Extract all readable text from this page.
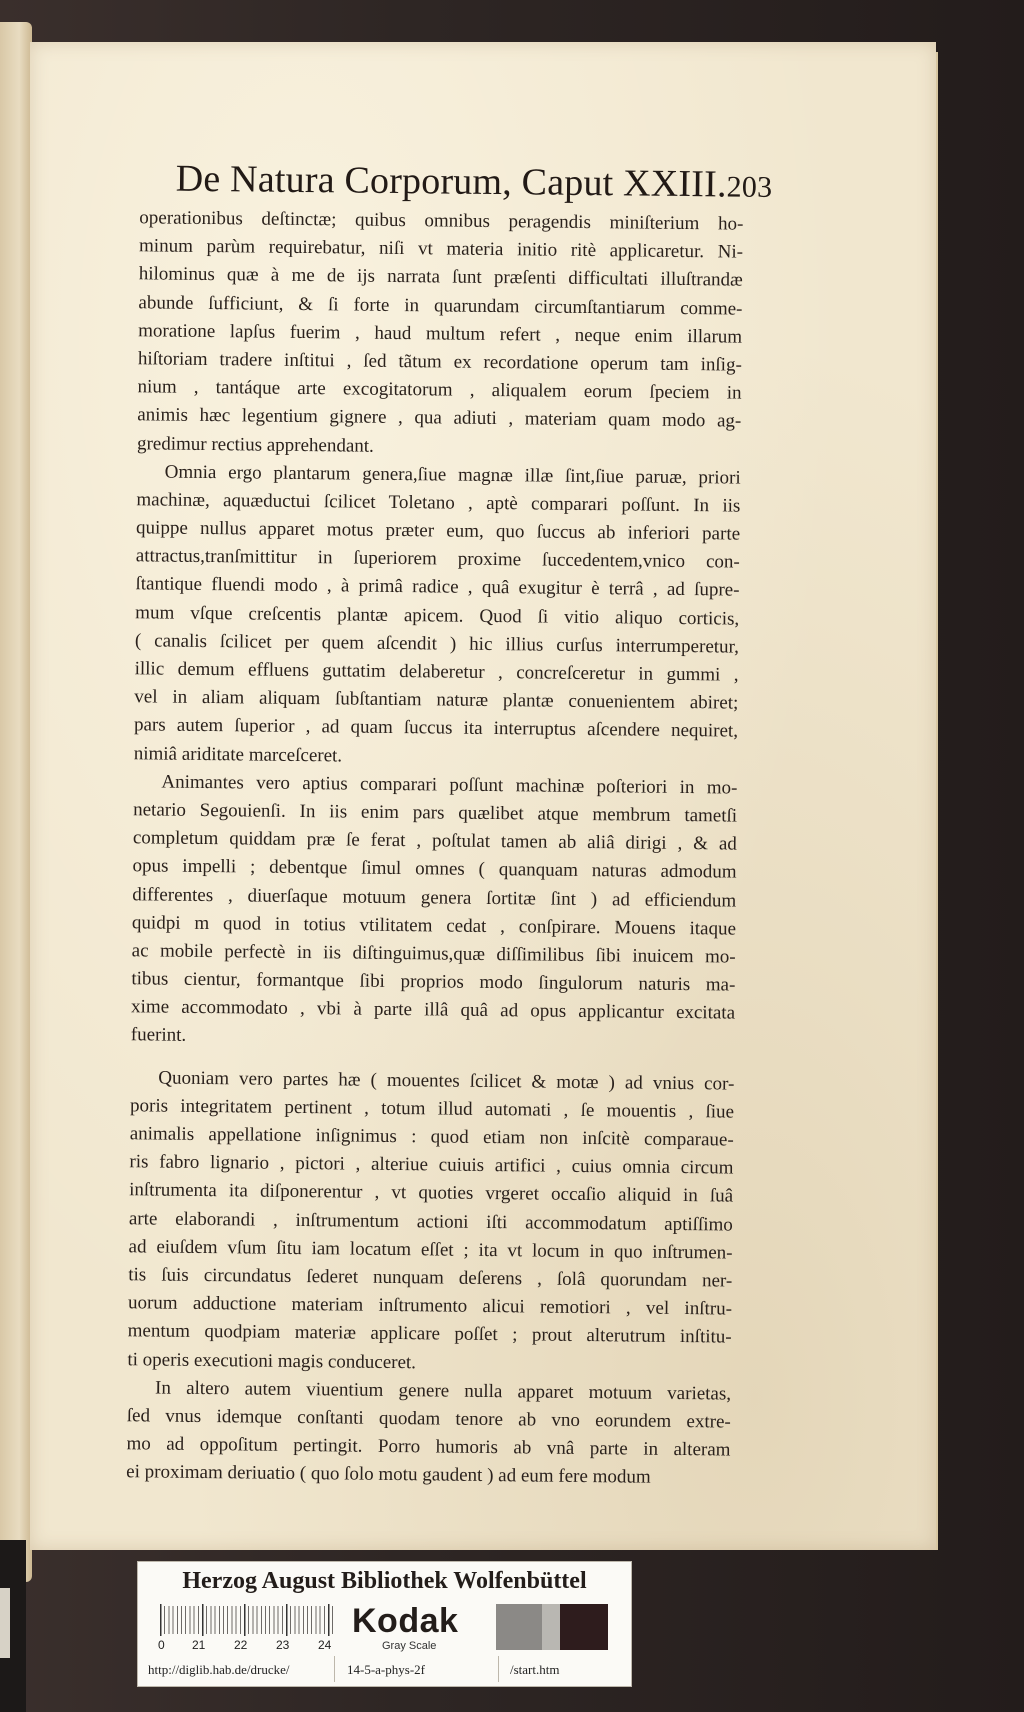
De Natura Corporum, Caput XXIII. 203
operationibus deſtinctæ; quibus omnibus peragendis miniſterium ho-
minum parùm requirebatur, niſi vt materia initio ritè applicaretur. Ni-
hilominus quæ à me de ijs narrata ſunt præſenti difficultati illuſtrandæ
abunde ſufficiunt, & ſi forte in quarundam circumſtantiarum comme-
moratione lapſus fuerim , haud multum refert , neque enim illarum
hiſtoriam tradere inſtitui , ſed tãtum ex recordatione operum tam inſig-
nium , tantáque arte excogitatorum , aliqualem eorum ſpeciem in
animis hæc legentium gignere , qua adiuti , materiam quam modo ag-
gredimur rectius apprehendant.
Omnia ergo plantarum genera,ſiue magnæ illæ ſint,ſiue paruæ, priori
machinæ, aquæductui ſcilicet Toletano , aptè comparari poſſunt. In iis
quippe nullus apparet motus præter eum, quo ſuccus ab inferiori parte
attractus,tranſmittitur in ſuperiorem proxime ſuccedentem,vnico con-
ſtantique fluendi modo , à primâ radice , quâ exugitur è terrâ , ad ſupre-
mum vſque creſcentis plantæ apicem. Quod ſi vitio aliquo corticis,
( canalis ſcilicet per quem aſcendit ) hic illius curſus interrumperetur,
illic demum effluens guttatim delaberetur , concreſceretur in gummi ,
vel in aliam aliquam ſubſtantiam naturæ plantæ conuenientem abiret;
pars autem ſuperior , ad quam ſuccus ita interruptus aſcendere nequiret,
nimiâ ariditate marceſceret.
Animantes vero aptius comparari poſſunt machinæ poſteriori in mo-
netario Segouienſi. In iis enim pars quælibet atque membrum tametſi
completum quiddam præ ſe ferat , poſtulat tamen ab aliâ dirigi , & ad
opus impelli ; debentque ſimul omnes ( quanquam naturas admodum
differentes , diuerſaque motuum genera ſortitæ ſint ) ad efficiendum
quidpi m quod in totius vtilitatem cedat , conſpirare. Mouens itaque
ac mobile perfectè in iis diſtinguimus,quæ diſſimilibus ſibi inuicem mo-
tibus cientur, formantque ſibi proprios modo ſingulorum naturis ma-
xime accommodato , vbi à parte illâ quâ ad opus applicantur excitata
fuerint.
Quoniam vero partes hæ ( mouentes ſcilicet & motæ ) ad vnius cor-
poris integritatem pertinent , totum illud automati , ſe mouentis , ſiue
animalis appellatione inſignimus : quod etiam non inſcitè comparaue-
ris fabro lignario , pictori , alteriue cuiuis artifici , cuius omnia circum
inſtrumenta ita diſponerentur , vt quoties vrgeret occaſio aliquid in ſuâ
arte elaborandi , inſtrumentum actioni iſti accommodatum aptiſſimo
ad eiuſdem vſum ſitu iam locatum eſſet ; ita vt locum in quo inſtrumen-
tis ſuis circundatus ſederet nunquam deſerens , ſolâ quorundam ner-
uorum adductione materiam inſtrumento alicui remotiori , vel inſtru-
mentum quodpiam materiæ applicare poſſet ; prout alterutrum inſtitu-
ti operis executioni magis conduceret.
In altero autem viuentium genere nulla apparet motuum varietas,
ſed vnus idemque conſtanti quodam tenore ab vno eorundem extre-
mo ad oppoſitum pertingit. Porro humoris ab vnâ parte in alteram
ei proximam deriuatio ( quo ſolo motu gaudent ) ad eum fere modum
Herzog August Bibliothek Wolfenbüttel
0 21 22 23 24
Kodak
Gray Scale
http://diglib.hab.de/drucke/	14-5-a-phys-2f	/start.htm
